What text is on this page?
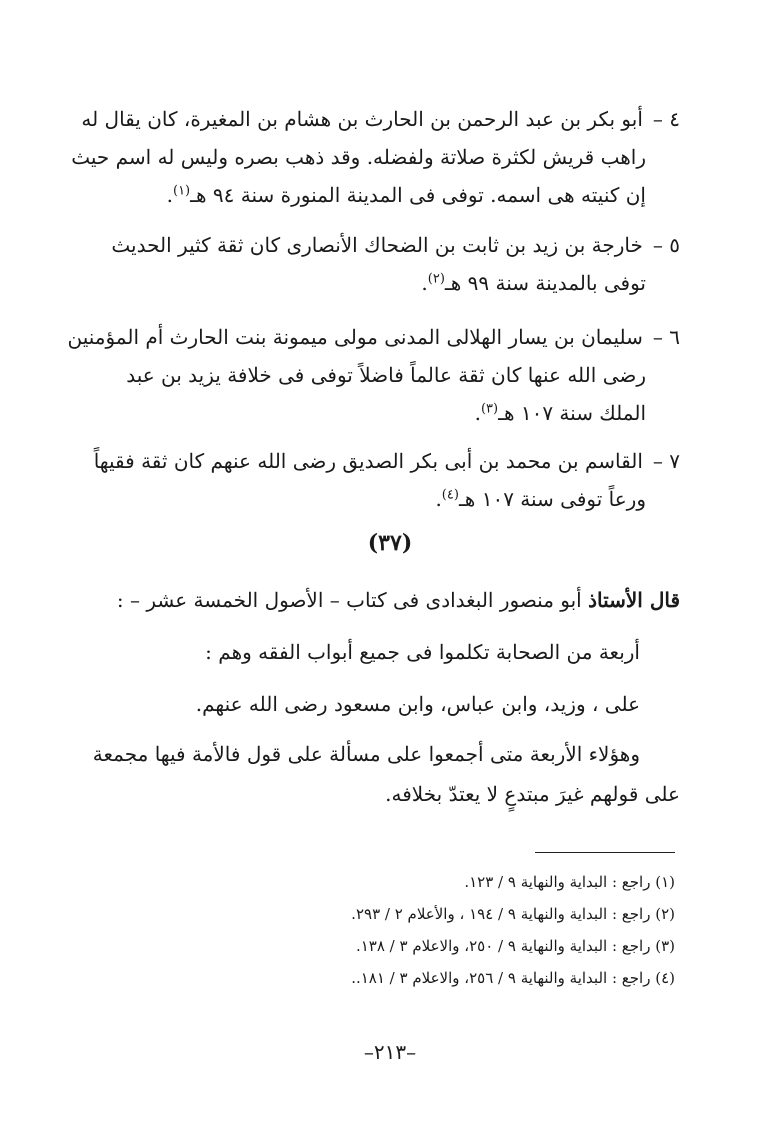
٤ –أبو بكر بن عبد الرحمن بن الحارث بن هشام بن المغيرة، كان يقال له
راهب قريش لكثرة صلاتة ولفضله. وقد ذهب بصره وليس له اسم حيث
إن كنيته هى اسمه. توفى فى المدينة المنورة سنة ٩٤ هـ$^{(١)}$.
٥ –خارجة بن زيد بن ثابت بن الضحاك الأنصارى كان ثقة كثير الحديث
توفى بالمدينة سنة ٩٩ هـ$^{(٢)}$.
٦ –سليمان بن يسار الهلالى المدنى مولى ميمونة بنت الحارث أم المؤمنين
رضى الله عنها كان ثقة عالماً فاضلاً توفى فى خلافة يزيد بن عبد
الملك سنة ١٠٧ هـ$^{(٣)}$.
٧ –القاسم بن محمد بن أبى بكر الصديق رضى الله عنهم كان ثقة فقيهاً
ورعاً توفى سنة ١٠٧ هـ$^{(٤)}$.
(٣٧)
قال الأستاذ أبو منصور البغدادى فى كتاب – الأصول الخمسة عشر – :
أربعة من الصحابة تكلموا فى جميع أبواب الفقه وهم :
على ، وزيد، وابن عباس، وابن مسعود رضى الله عنهم.
وهؤلاء الأربعة متى أجمعوا على مسألة على قول فالأمة فيها مجمعة
على قولهم غيرَ مبتدعٍ لا يعتدّ بخلافه.
(١) راجع : البداية والنهاية ٩ / ١٢٣.
(٢) راجع : البداية والنهاية ٩ / ١٩٤ ، والأعلام ٢ / ٢٩٣.
(٣) راجع : البداية والنهاية ٩ / ٢٥٠، والاعلام ٣ / ١٣٨.
(٤) راجع : البداية والنهاية ٩ / ٢٥٦، والاعلام ٣ / ١٨١..
–٢١٣–
